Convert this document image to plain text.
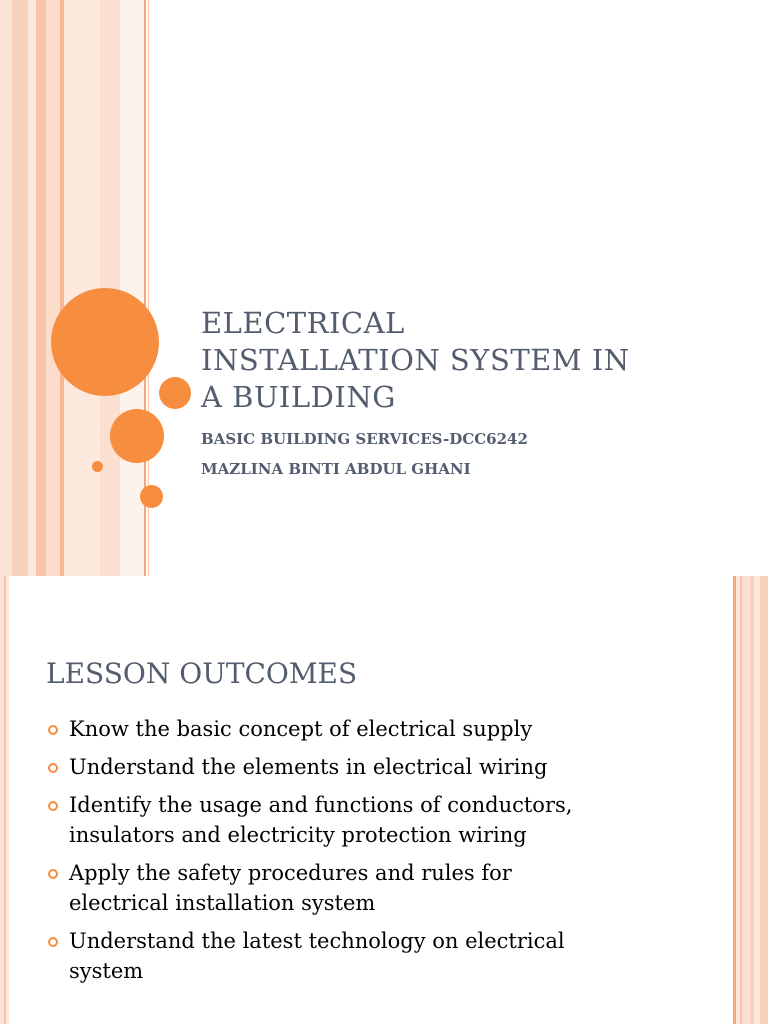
ELECTRICAL
INSTALLATION SYSTEM IN
A BUILDING

BASIC BUILDING SERVICES-DCC6242
MAZLINA BINTI ABDUL GHANI

LESSON OUTCOMES
Know the basic concept of electrical supply
Understand the elements in electrical wiring
Identify the usage and functions of conductors,
insulators and electricity protection wiring
Apply the safety procedures and rules for
electrical installation system
Understand the latest technology on electrical
system
